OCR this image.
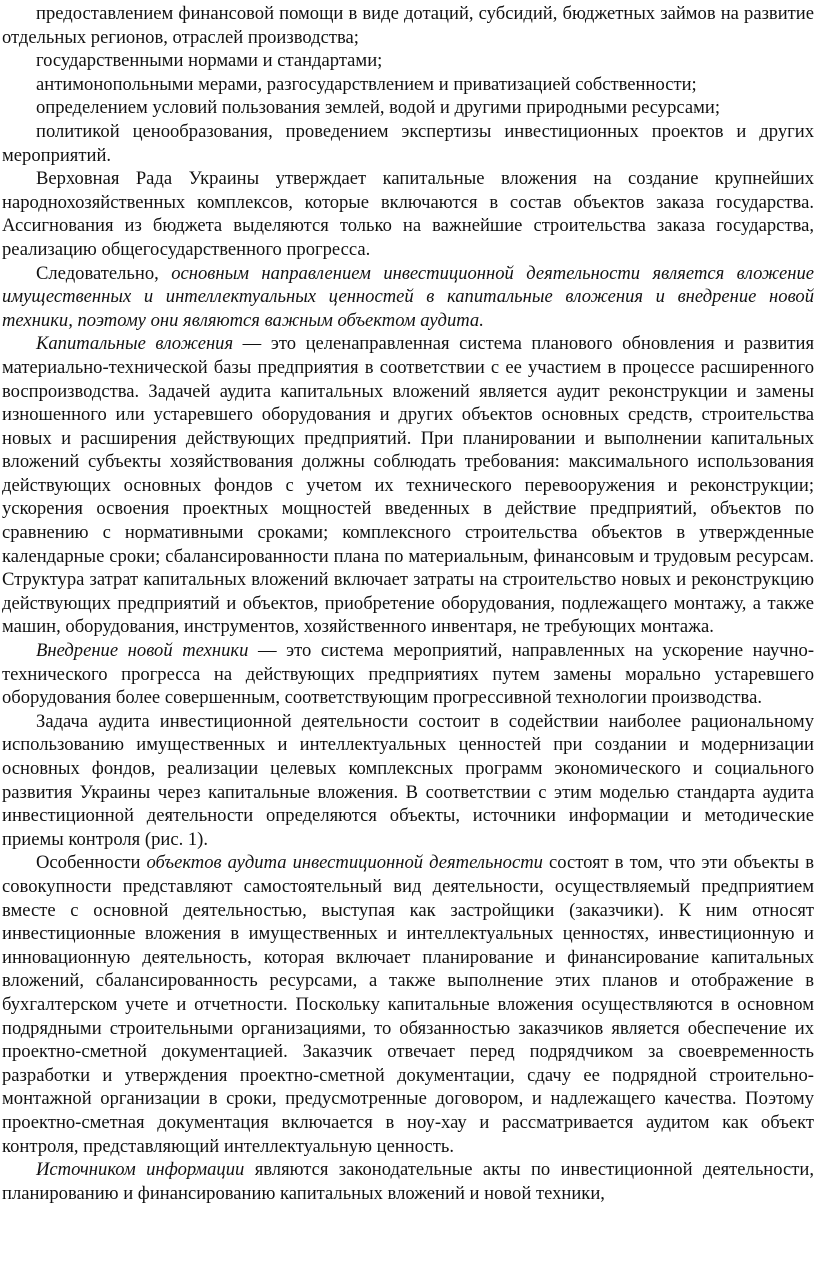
предоставлением финансовой помощи в виде дотаций, субсидий, бюджетных займов на развитие отдельных регионов, отраслей производства;

государственными нормами и стандартами;

антимонопольными мерами, разгосударствлением и приватизацией собственности;

определением условий пользования землей, водой и другими природными ресурсами;

политикой ценообразования, проведением экспертизы инвестиционных проектов и других мероприятий.

Верховная Рада Украины утверждает капитальные вложения на создание крупнейших народнохозяйственных комплексов, которые включаются в состав объектов заказа государства. Ассигнования из бюджета выделяются только на важнейшие строительства заказа государства, реализацию общегосударственного прогресса.

Следовательно, основным направлением инвестиционной деятельности является вложение имущественных и интеллектуальных ценностей в капитальные вложения и внедрение новой техники, поэтому они являются важным объектом аудита.

Капитальные вложения — это целенаправленная система планового обновления и развития материально-технической базы предприятия в соответствии с ее участием в процессе расширенного воспроизводства. Задачей аудита капитальных вложений является аудит реконструкции и замены изношенного или устаревшего оборудования и других объектов основных средств, строительства новых и расширения действующих предприятий. При планировании и выполнении капитальных вложений субъекты хозяйствования должны соблюдать требования: максимального использования действующих основных фондов с учетом их технического перевооружения и реконструкции; ускорения освоения проектных мощностей введенных в действие предприятий, объектов по сравнению с нормативными сроками; комплексного строительства объектов в утвержденные календарные сроки; сбалансированности плана по материальным, финансовым и трудовым ресурсам. Структура затрат капитальных вложений включает затраты на строительство новых и реконструкцию действующих предприятий и объектов, приобретение оборудования, подлежащего монтажу, а также машин, оборудования, инструментов, хозяйственного инвентаря, не требующих монтажа.

Внедрение новой техники — это система мероприятий, направленных на ускорение научно-технического прогресса на действующих предприятиях путем замены морально устаревшего оборудования более совершенным, соответствующим прогрессивной технологии производства.

Задача аудита инвестиционной деятельности состоит в содействии наиболее рациональному использованию имущественных и интеллектуальных ценностей при создании и модернизации основных фондов, реализации целевых комплексных программ экономического и социального развития Украины через капитальные вложения. В соответствии с этим моделью стандарта аудита инвестиционной деятельности определяются объекты, источники информации и методические приемы контроля (рис. 1).

Особенности объектов аудита инвестиционной деятельности состоят в том, что эти объекты в совокупности представляют самостоятельный вид деятельности, осуществляемый предприятием вместе с основной деятельностью, выступая как застройщики (заказчики). К ним относят инвестиционные вложения в имущественных и интеллектуальных ценностях, инвестиционную и инновационную деятельность, которая включает планирование и финансирование капитальных вложений, сбалансированность ресурсами, а также выполнение этих планов и отображение в бухгалтерском учете и отчетности. Поскольку капитальные вложения осуществляются в основном подрядными строительными организациями, то обязанностью заказчиков является обеспечение их проектно-сметной документацией. Заказчик отвечает перед подрядчиком за своевременность разработки и утверждения проектно-сметной документации, сдачу ее подрядной строительно-монтажной организации в сроки, предусмотренные договором, и надлежащего качества. Поэтому проектно-сметная документация включается в ноу-хау и рассматривается аудитом как объект контроля, представляющий интеллектуальную ценность.

Источником информации являются законодательные акты по инвестиционной деятельности, планированию и финансированию капитальных вложений и новой техники,
